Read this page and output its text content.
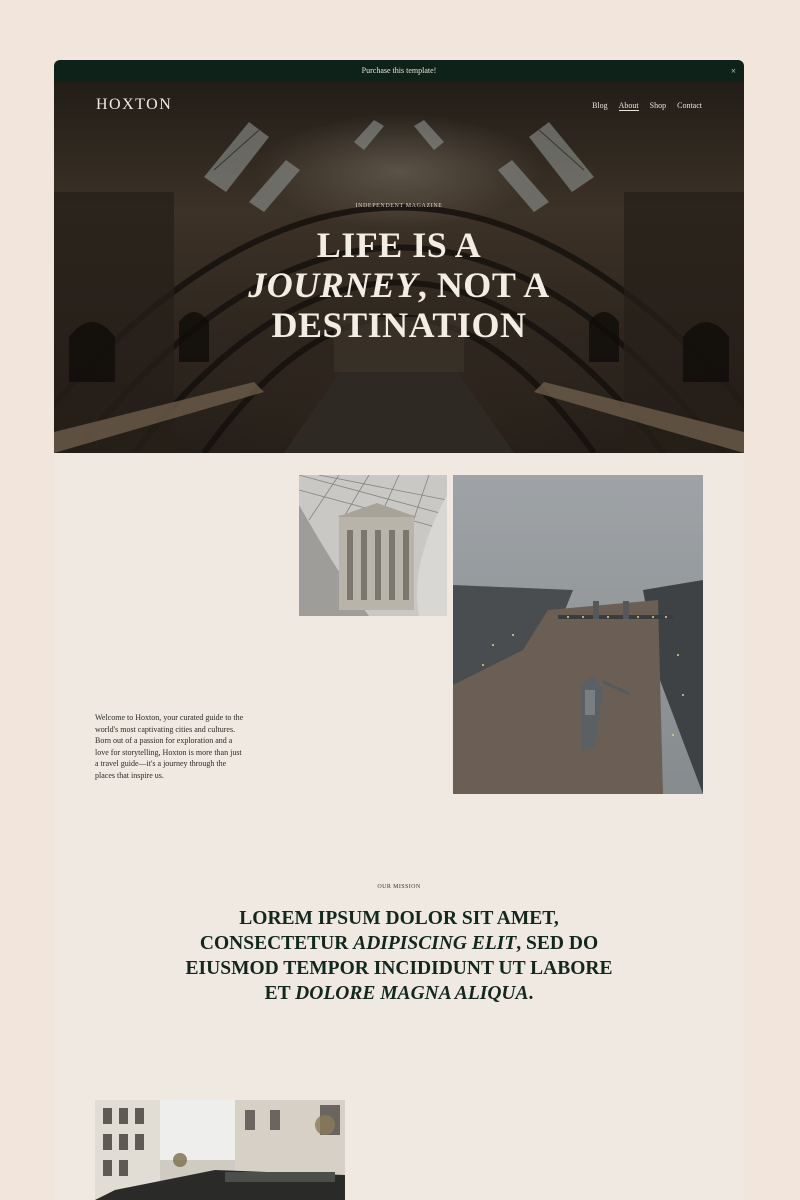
Purchase this template!	×
HOXTON	Blog About Shop Contact
INDEPENDENT MAGAZINE
LIFE IS A
JOURNEY, NOT A
DESTINATION

Welcome to Hoxton, your curated guide to the world's most captivating cities and cultures. Born out of a passion for exploration and a love for storytelling, Hoxton is more than just a travel guide—it's a journey through the places that inspire us.

OUR MISSION
LOREM IPSUM DOLOR SIT AMET, CONSECTETUR ADIPISCING ELIT, SED DO EIUSMOD TEMPOR INCIDIDUNT UT LABORE ET DOLORE MAGNA ALIQUA.
